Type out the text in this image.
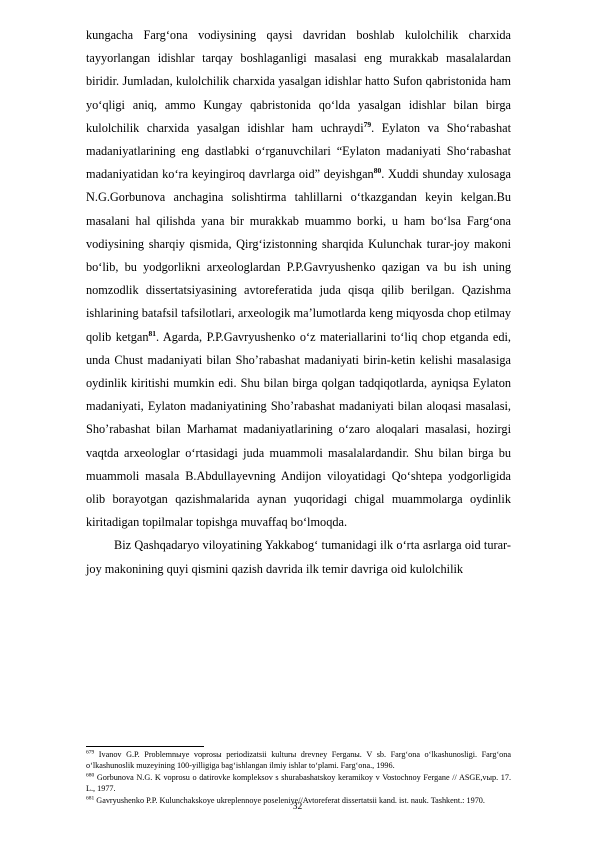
kungacha Fargʻona vodiysining qaysi davridan boshlab kulolchilik charxida tayyorlangan idishlar tarqay boshlaganligi masalasi eng murakkab masalalardan biridir. Jumladan, kulolchilik charxida yasalgan idishlar hatto Sufon qabristonida ham yoʻqligi aniq, ammo Kungay qabristonida qoʻlda yasalgan idishlar bilan birga kulolchilik charxida yasalgan idishlar ham uchraydi$^{79}$. Eylaton va Sho‘rabashat madaniyatlarining eng dastlabki oʻrganuvchilari “Eylaton madaniyati Sho‘rabashat madaniyatidan koʻra keyingiroq davrlarga oid” deyishgan$^{80}$. Xuddi shunday xulosaga N.G.Gorbunova anchagina solishtirma tahlillarni oʻtkazgandan keyin kelgan.Bu masalani hal qilishda yana bir murakkab muammo borki, u ham boʻlsa Fargʻona vodiysining sharqiy qismida, Qirgʻizistonning sharqida Kulunchak turar-joy makoni boʻlib, bu yodgorlikni arxeologlardan P.P.Gavryushenko qazigan va bu ish uning nomzodlik dissertatsiyasining avtoreferatida juda qisqa qilib berilgan. Qazishma ishlarining batafsil tafsilotlari, arxeologik maʼlumotlarda keng miqyosda chop etilmay qolib ketgan$^{81}$. Agarda, P.P.Gavryushenko oʻz materiallarini toʻliq chop etganda edi, unda Chust madaniyati bilan Sho’rabashat madaniyati birin-ketin kelishi masalasiga oydinlik kiritishi mumkin edi. Shu bilan birga qolgan tadqiqotlarda, ayniqsa Eylaton madaniyati, Eylaton madaniyatining Sho’rabashat madaniyati bilan aloqasi masalasi, Sho’rabashat bilan Marhamat madaniyatlarining oʻzaro aloqalari masalasi, hozirgi vaqtda arxeologlar oʻrtasidagi juda muammoli masalalardandir. Shu bilan birga bu muammoli masala B.Abdullayevning Andijon viloyatidagi Qoʻshtepa yodgorligida olib borayotgan qazishmalarida aynan yuqoridagi chigal muammolarga oydinlik kiritadigan topilmalar topishga muvaffaq boʻlmoqda.

Biz Qashqadaryo viloyatining Yakkabogʻ tumanidagi ilk oʻrta asrlarga oid turar-joy makonining quyi qismini qazish davrida ilk temir davriga oid kulolchilik

$^{679}$ Ivanov G.P. Problemnыye voprosы periodizatsii kulturы drevney Ferganы. V sb. Fargʻona oʻlkashunosligi. Fargʻona oʻlkashunoslik muzeyining 100-yilligiga bagʻishlangan ilmiy ishlar toʻplami. Fargʻona., 1996.

$^{680}$ Gorbunova N.G. K voprosu o datirovke kompleksov s shurabashatskoy keramikoy v Vostochnoy Fergane // ASGE,vыp. 17. L., 1977.

$^{681}$ Gavryushenko P.P. Kulunchakskoye ukreplennoye poseleniye//Avtoreferat dissertatsii kand. ist. nauk. Tashkent.: 1970.

32
